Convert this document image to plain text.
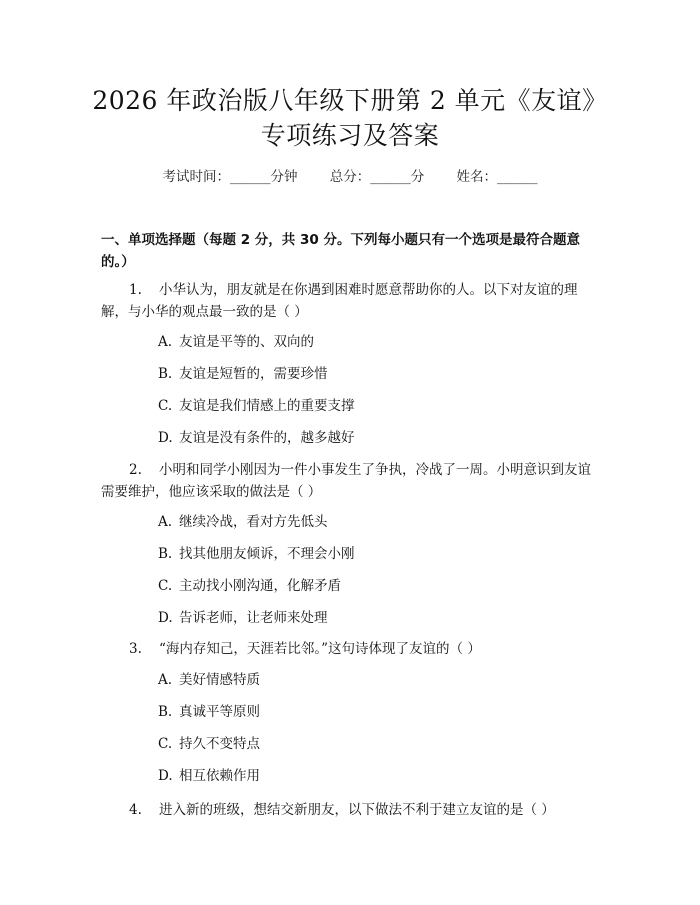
2026 年政治版八年级下册第 2 单元《友谊》
专项练习及答案
考试时间：______分钟 总分：______分 姓名：______
一、单项选择题（每题 2 分，共 30 分。下列每小题只有一个选项是最符合题意的。）
1. 小华认为，朋友就是在你遇到困难时愿意帮助你的人。以下对友谊的理解，与小华的观点最一致的是（ ）
A. 友谊是平等的、双向的
B. 友谊是短暂的，需要珍惜
C. 友谊是我们情感上的重要支撑
D. 友谊是没有条件的，越多越好
2. 小明和同学小刚因为一件小事发生了争执，冷战了一周。小明意识到友谊需要维护，他应该采取的做法是（ ）
A. 继续冷战，看对方先低头
B. 找其他朋友倾诉，不理会小刚
C. 主动找小刚沟通，化解矛盾
D. 告诉老师，让老师来处理
3. “海内存知己，天涯若比邻。”这句诗体现了友谊的（ ）
A. 美好情感特质
B. 真诚平等原则
C. 持久不变特点
D. 相互依赖作用
4. 进入新的班级，想结交新朋友，以下做法不利于建立友谊的是（ ）
